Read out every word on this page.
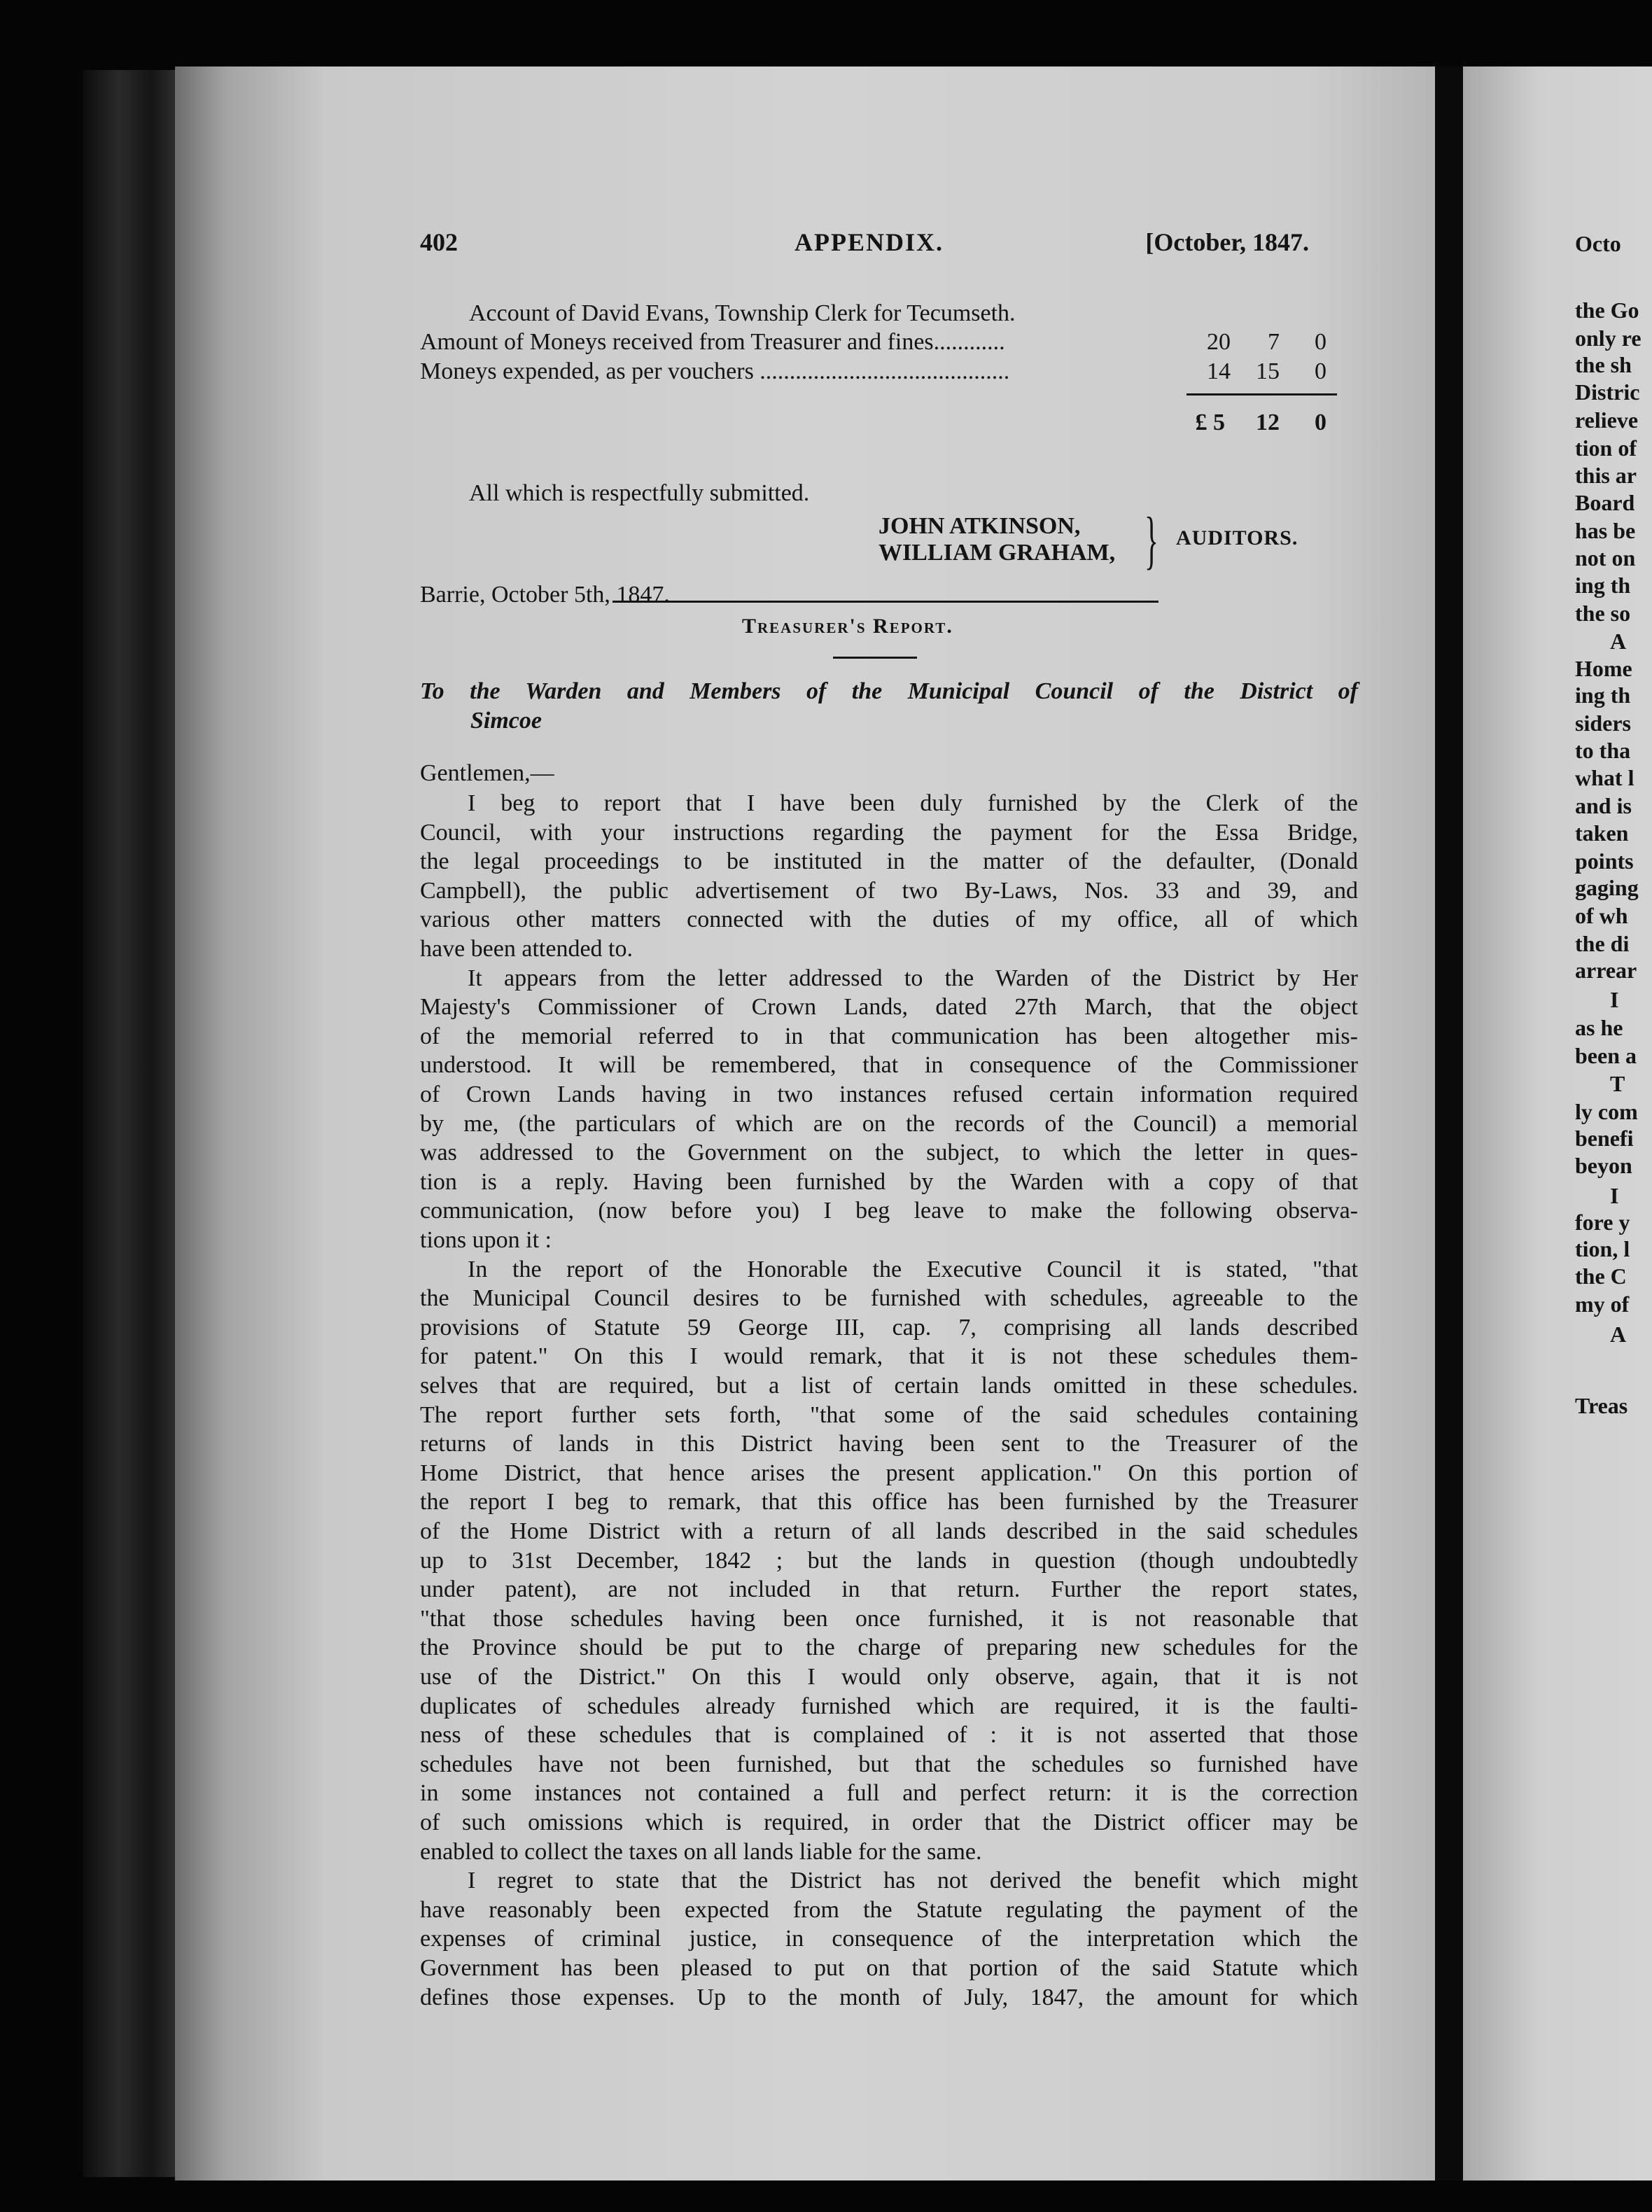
402	APPENDIX.	[October, 1847.
Account of David Evans, Township Clerk for Tecumseth.
Amount of Moneys received from Treasurer and fines............	20	7	0
Moneys expended, as per vouchers ..........................................	14	15	0
£ 5	12	0
All which is respectfully submitted.
JOHN ATKINSON,
WILLIAM GRAHAM, } AUDITORS.
Barrie, October 5th, 1847.
Treasurer's Report.
To the Warden and Members of the Municipal Council of the District of
Simcoe
Gentlemen,—
I beg to report that I have been duly furnished by the Clerk of the
Council, with your instructions regarding the payment for the Essa Bridge,
the legal proceedings to be instituted in the matter of the defaulter, (Donald
Campbell), the public advertisement of two By-Laws, Nos. 33 and 39, and
various other matters connected with the duties of my office, all of which
have been attended to.
It appears from the letter addressed to the Warden of the District by Her
Majesty's Commissioner of Crown Lands, dated 27th March, that the object
of the memorial referred to in that communication has been altogether mis-
understood. It will be remembered, that in consequence of the Commissioner
of Crown Lands having in two instances refused certain information required
by me, (the particulars of which are on the records of the Council) a memorial
was addressed to the Government on the subject, to which the letter in ques-
tion is a reply. Having been furnished by the Warden with a copy of that
communication, (now before you) I beg leave to make the following observa-
tions upon it :
In the report of the Honorable the Executive Council it is stated, "that
the Municipal Council desires to be furnished with schedules, agreeable to the
provisions of Statute 59 George III, cap. 7, comprising all lands described
for patent." On this I would remark, that it is not these schedules them-
selves that are required, but a list of certain lands omitted in these schedules.
The report further sets forth, "that some of the said schedules containing
returns of lands in this District having been sent to the Treasurer of the
Home District, that hence arises the present application." On this portion of
the report I beg to remark, that this office has been furnished by the Treasurer
of the Home District with a return of all lands described in the said schedules
up to 31st December, 1842 ; but the lands in question (though undoubtedly
under patent), are not included in that return. Further the report states,
"that those schedules having been once furnished, it is not reasonable that
the Province should be put to the charge of preparing new schedules for the
use of the District." On this I would only observe, again, that it is not
duplicates of schedules already furnished which are required, it is the faulti-
ness of these schedules that is complained of : it is not asserted that those
schedules have not been furnished, but that the schedules so furnished have
in some instances not contained a full and perfect return: it is the correction
of such omissions which is required, in order that the District officer may be
enabled to collect the taxes on all lands liable for the same.
I regret to state that the District has not derived the benefit which might
have reasonably been expected from the Statute regulating the payment of the
expenses of criminal justice, in consequence of the interpretation which the
Government has been pleased to put on that portion of the said Statute which
defines those expenses. Up to the month of July, 1847, the amount for which
Octo
the Go
only re
the sh
Distric
relieve
tion of
this ar
Board
has be
not on
ing th
the so
A
Home
ing th
siders
to tha
what l
and is
taken
points
gaging
of wh
the di
arrear
I
as he
been a
T
ly com
benefi
beyon
I
fore y
tion, l
the C
my of
A
Treas
